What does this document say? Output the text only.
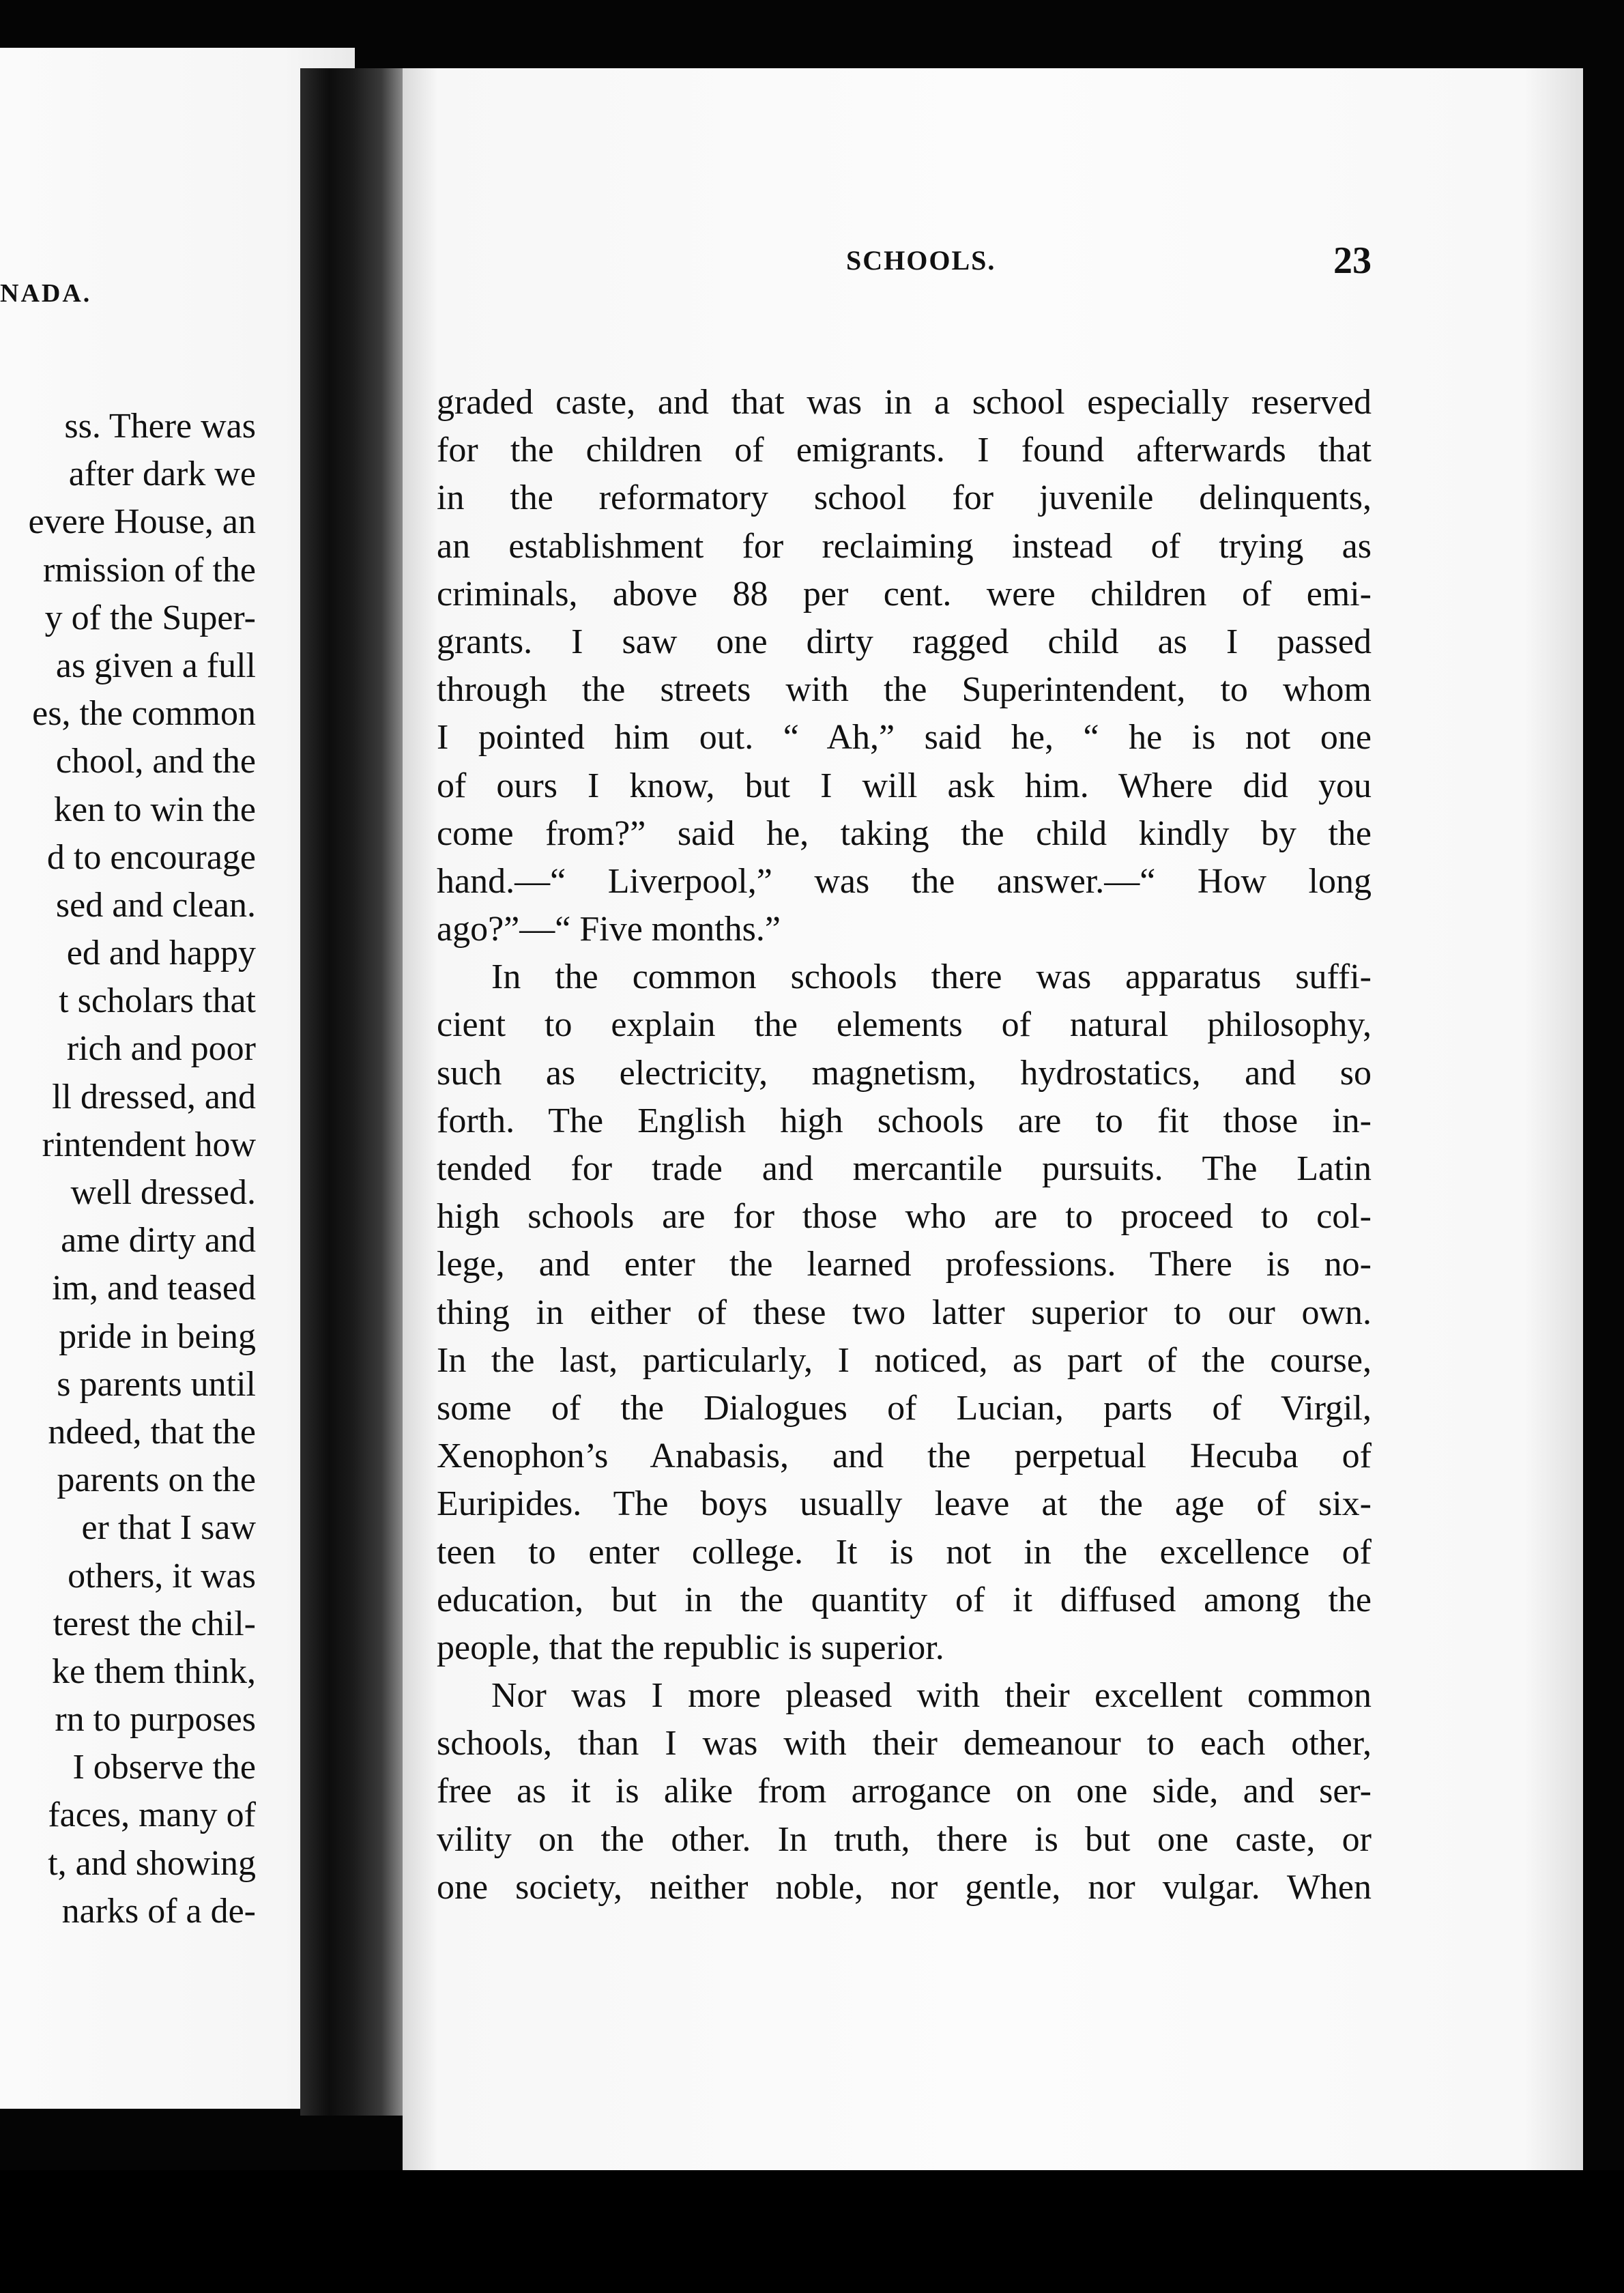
NADA.
ss. There was
after dark we
evere House, an
rmission of the
y of the Super-
as given a full
es, the common
chool, and the
ken to win the
d to encourage
sed and clean.
ed and happy
t scholars that
rich and poor
ll dressed, and
rintendent how
well dressed.
ame dirty and
im, and teased
pride in being
s parents until
ndeed, that the
parents on the
er that I saw
others, it was
terest the chil-
ke them think,
rn to purposes
I observe the
faces, many of
t, and showing
narks of a de-
SCHOOLS.	23
graded caste, and that was in a school especially reserved
for the children of emigrants. I found afterwards that
in the reformatory school for juvenile delinquents,
an establishment for reclaiming instead of trying as
criminals, above 88 per cent. were children of emi-
grants. I saw one dirty ragged child as I passed
through the streets with the Superintendent, to whom
I pointed him out. “ Ah,” said he, “ he is not one
of ours I know, but I will ask him. Where did you
come from?” said he, taking the child kindly by the
hand.—“ Liverpool,” was the answer.—“ How long
ago?”—“ Five months.”
In the common schools there was apparatus suffi-
cient to explain the elements of natural philosophy,
such as electricity, magnetism, hydrostatics, and so
forth. The English high schools are to fit those in-
tended for trade and mercantile pursuits. The Latin
high schools are for those who are to proceed to col-
lege, and enter the learned professions. There is no-
thing in either of these two latter superior to our own.
In the last, particularly, I noticed, as part of the course,
some of the Dialogues of Lucian, parts of Virgil,
Xenophon’s Anabasis, and the perpetual Hecuba of
Euripides. The boys usually leave at the age of six-
teen to enter college. It is not in the excellence of
education, but in the quantity of it diffused among the
people, that the republic is superior.
Nor was I more pleased with their excellent common
schools, than I was with their demeanour to each other,
free as it is alike from arrogance on one side, and ser-
vility on the other. In truth, there is but one caste, or
one society, neither noble, nor gentle, nor vulgar. When
